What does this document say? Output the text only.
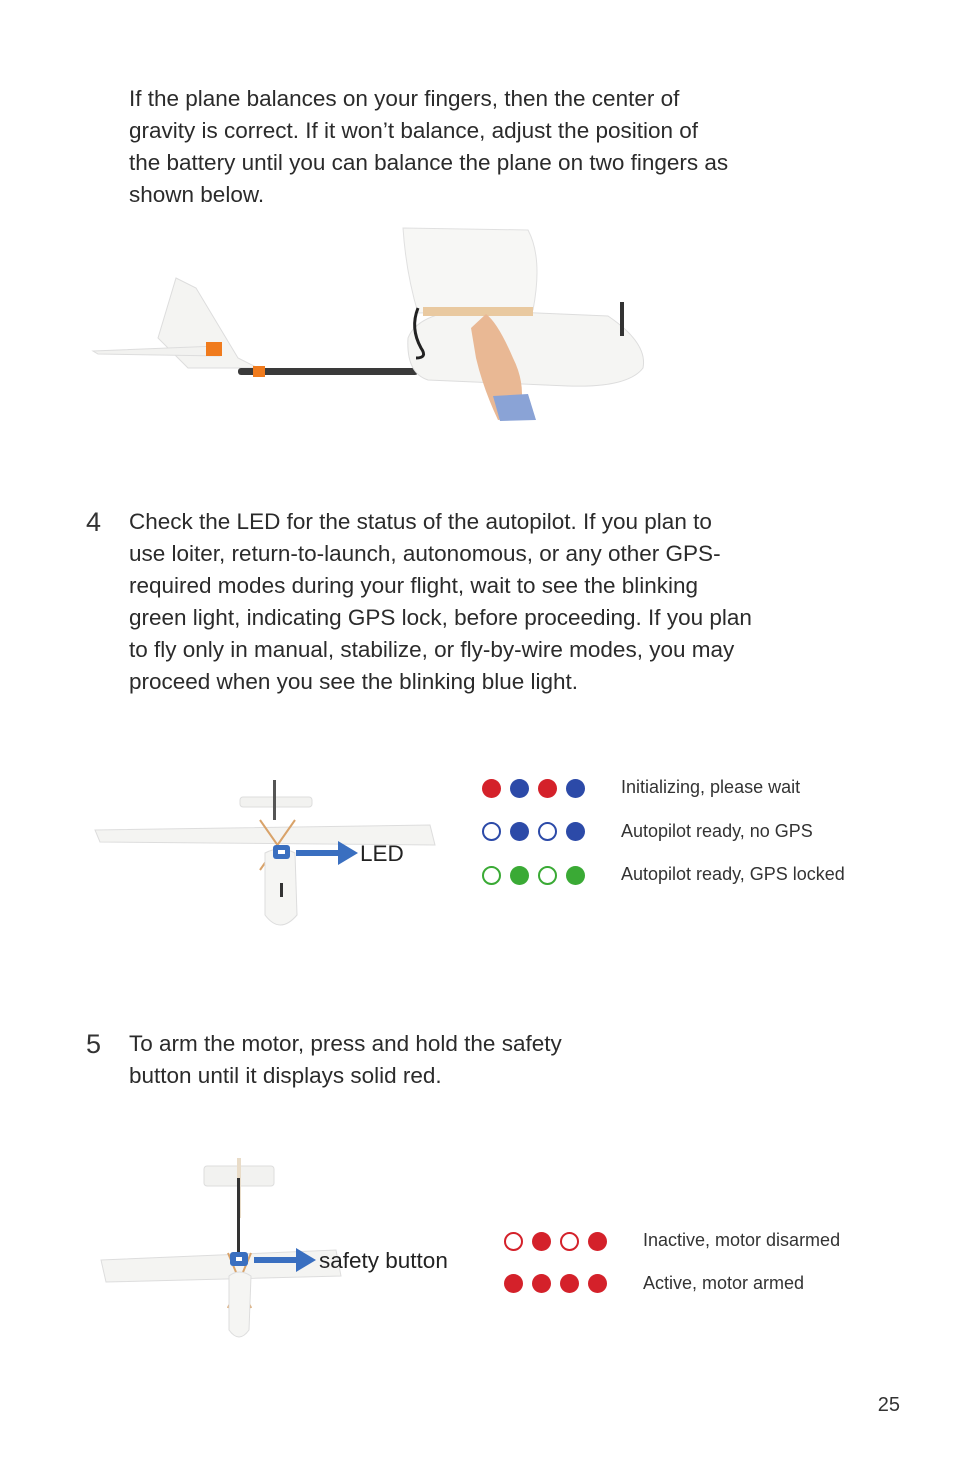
If the plane balances on your fingers, then the center of
gravity is correct. If it won’t balance, adjust the position of
the battery until you can balance the plane on two fingers as
shown below.

4 Check the LED for the status of the autopilot. If you plan to
use loiter, return-to-launch, autonomous, or any other GPS-
required modes during your flight, wait to see the blinking
green light, indicating GPS lock, before proceeding. If you plan
to fly only in manual, stabilize, or fly-by-wire modes, you may
proceed when you see the blinking blue light.

LED
Initializing, please wait
Autopilot ready, no GPS
Autopilot ready, GPS locked
5 To arm the motor, press and hold the safety
button until it displays solid red.

safety button
Inactive, motor disarmed
Active, motor armed
25
